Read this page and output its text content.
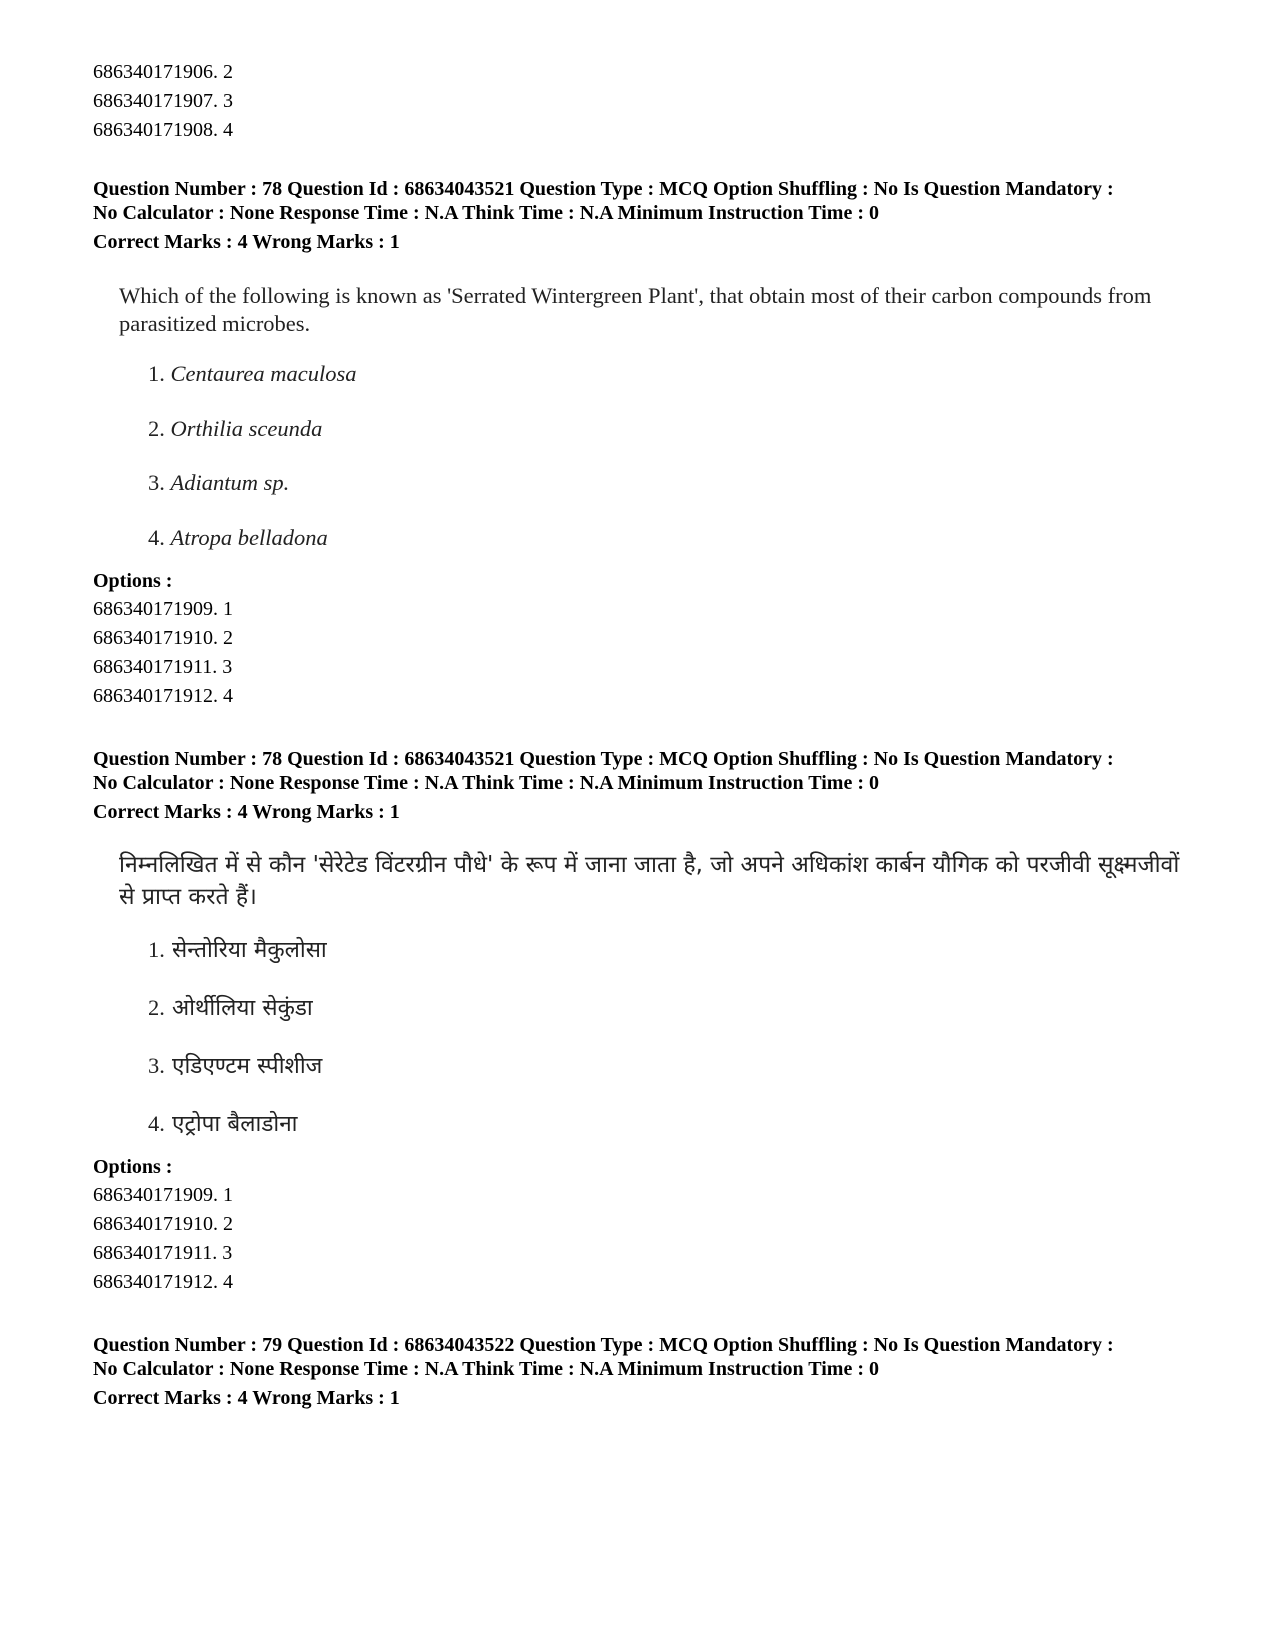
686340171906. 2
686340171907. 3
686340171908. 4

Question Number : 78 Question Id : 68634043521 Question Type : MCQ Option Shuffling : No Is Question Mandatory :

No Calculator : None Response Time : N.A Think Time : N.A Minimum Instruction Time : 0

Correct Marks : 4 Wrong Marks : 1

Which of the following is known as 'Serrated Wintergreen Plant', that obtain most of their carbon compounds from parasitized microbes.

1. Centaurea maculosa
2. Orthilia sceunda
3. Adiantum sp.
4. Atropa belladona
Options :
686340171909. 1
686340171910. 2
686340171911. 3
686340171912. 4

Question Number : 78 Question Id : 68634043521 Question Type : MCQ Option Shuffling : No Is Question Mandatory :

No Calculator : None Response Time : N.A Think Time : N.A Minimum Instruction Time : 0

Correct Marks : 4 Wrong Marks : 1

निम्नलिखित में से कौन 'सेरेटेड विंटरग्रीन पौधे' के रूप में जाना जाता है, जो अपने अधिकांश कार्बन यौगिक को परजीवी सूक्ष्मजीवों से प्राप्त करते हैं।

1. सेन्तोरिया मैकुलोसा
2. ओर्थीलिया सेकुंडा
3. एडिएण्टम स्पीशीज
4. एट्रोपा बैलाडोना
Options :
686340171909. 1
686340171910. 2
686340171911. 3
686340171912. 4

Question Number : 79 Question Id : 68634043522 Question Type : MCQ Option Shuffling : No Is Question Mandatory :

No Calculator : None Response Time : N.A Think Time : N.A Minimum Instruction Time : 0

Correct Marks : 4 Wrong Marks : 1
